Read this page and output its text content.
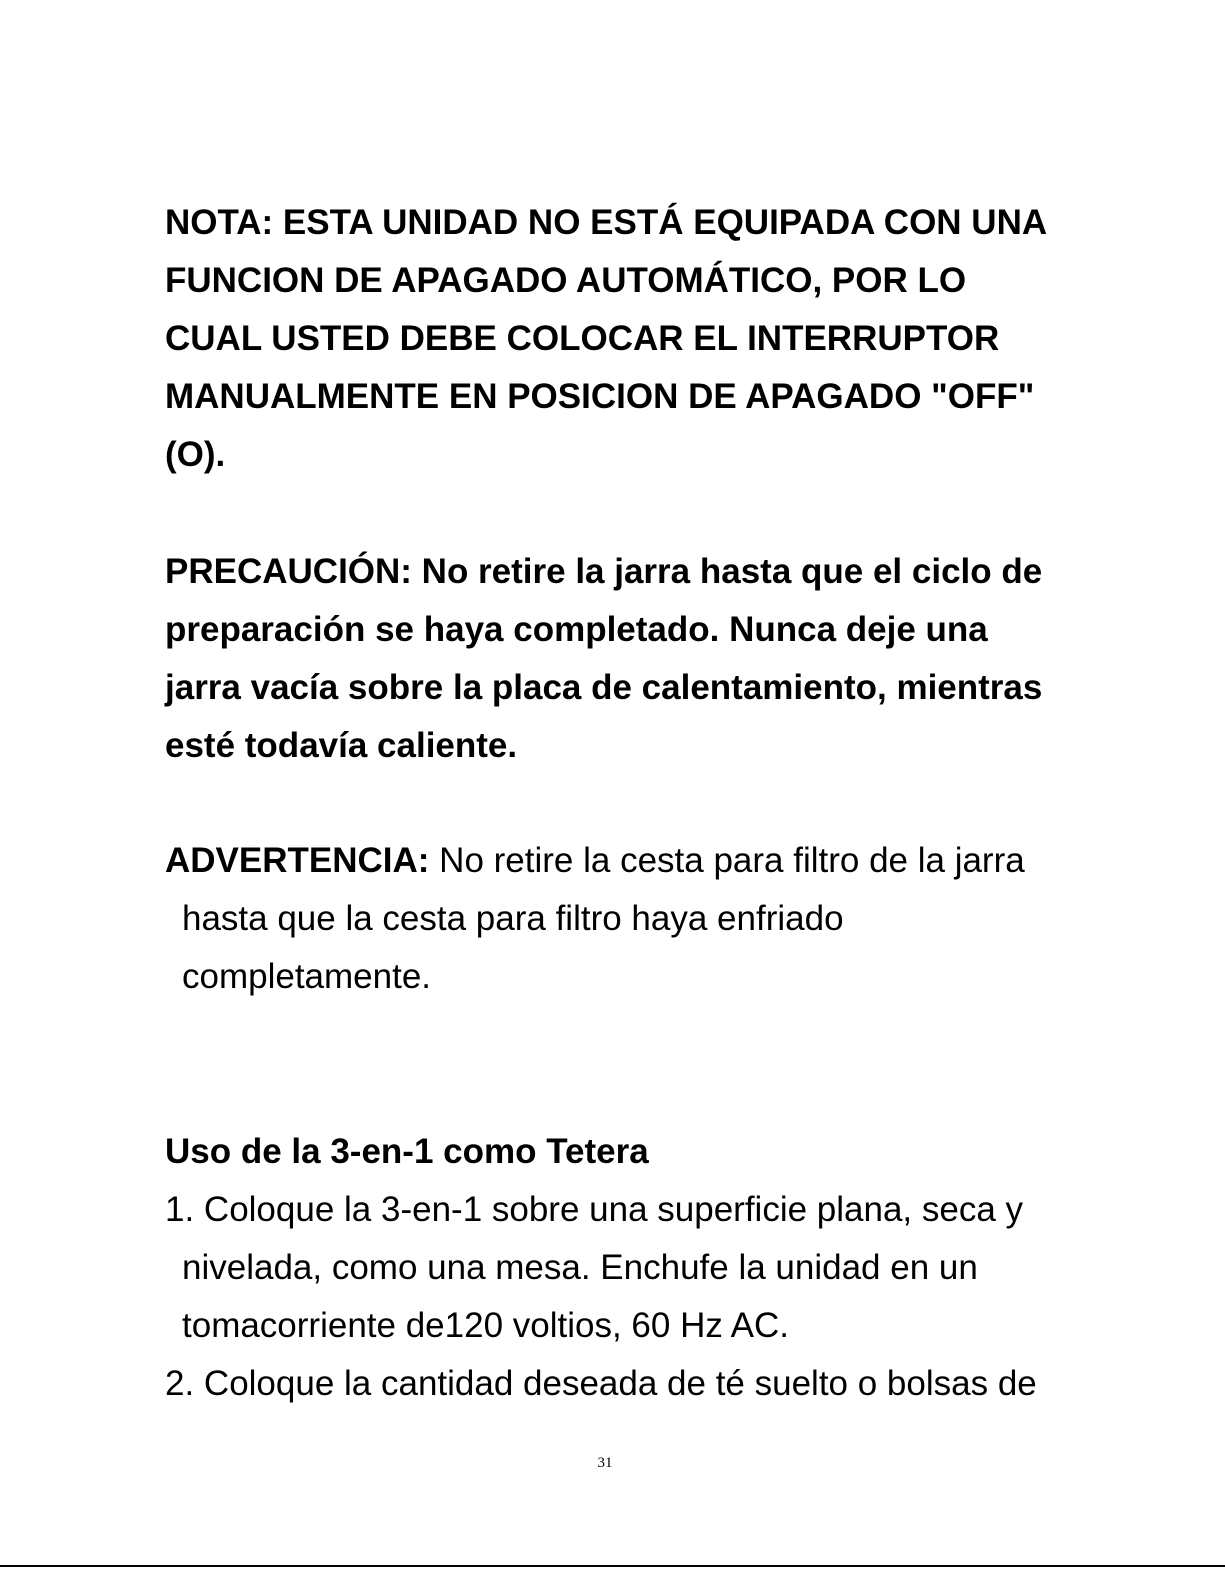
NOTA: ESTA UNIDAD NO ESTÁ EQUIPADA CON UNA
FUNCION DE APAGADO AUTOMÁTICO, POR LO
CUAL USTED DEBE COLOCAR EL INTERRUPTOR
MANUALMENTE EN POSICION DE APAGADO "OFF"
(O).
PRECAUCIÓN: No retire la jarra hasta que el ciclo de
preparación se haya completado. Nunca deje una
jarra vacía sobre la placa de calentamiento, mientras
esté todavía caliente.
ADVERTENCIA: No retire la cesta para filtro de la jarra
hasta que la cesta para filtro haya enfriado
completamente.
Uso de la 3-en-1 como Tetera
1. Coloque la 3-en-1 sobre una superficie plana, seca y
nivelada, como una mesa. Enchufe la unidad en un
tomacorriente de120 voltios, 60 Hz AC.
2. Coloque la cantidad deseada de té suelto o bolsas de
31
